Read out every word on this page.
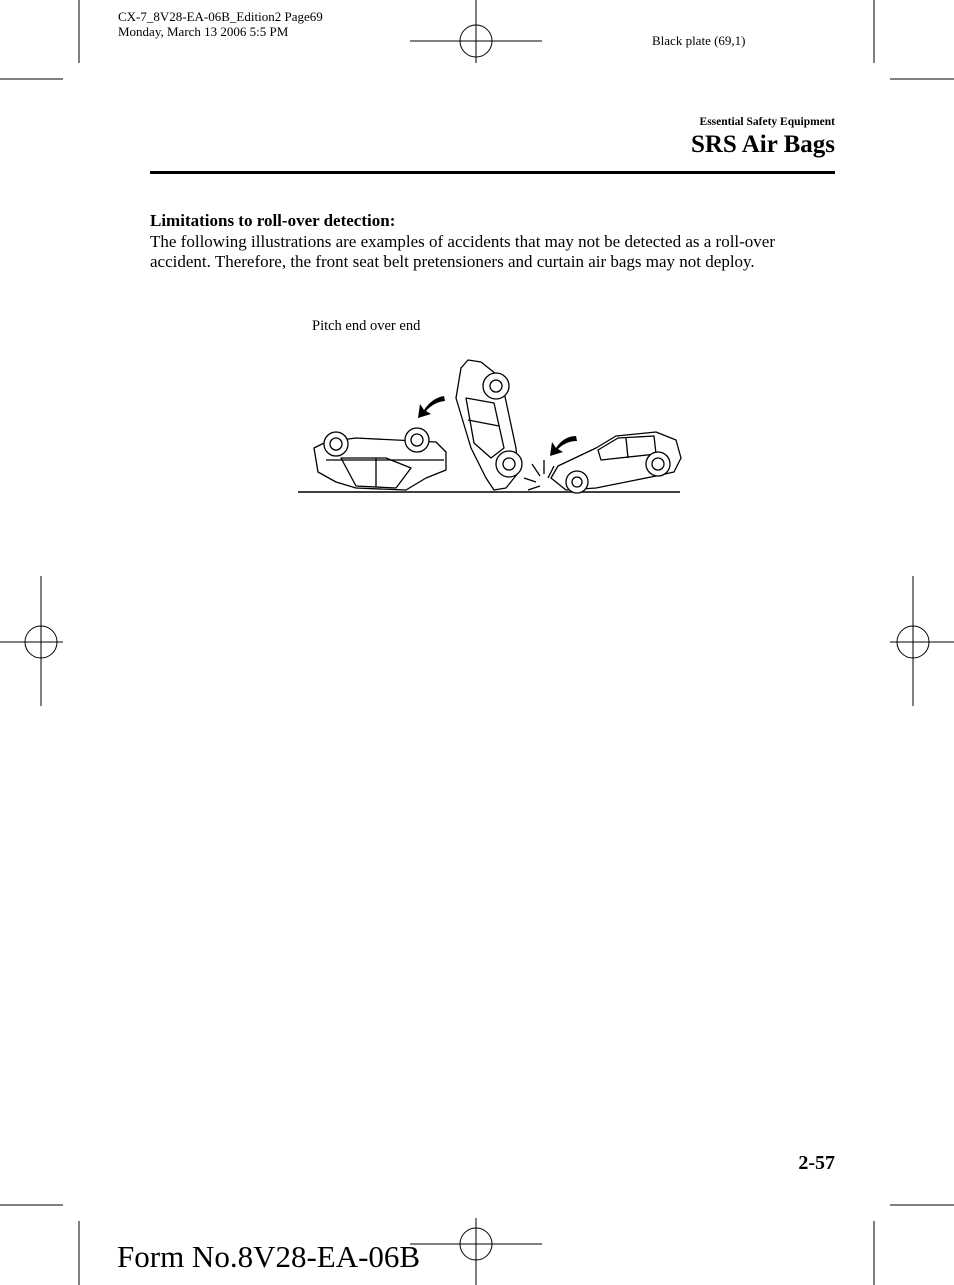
CX-7_8V28-EA-06B_Edition2 Page69
Monday, March 13 2006 5:5 PM
Black plate (69,1)
Essential Safety Equipment
SRS Air Bags
Limitations to roll-over detection:
The following illustrations are examples of accidents that may not be detected as a roll-over accident. Therefore, the front seat belt pretensioners and curtain air bags may not deploy.
Pitch end over end
2-57
Form No.8V28-EA-06B
